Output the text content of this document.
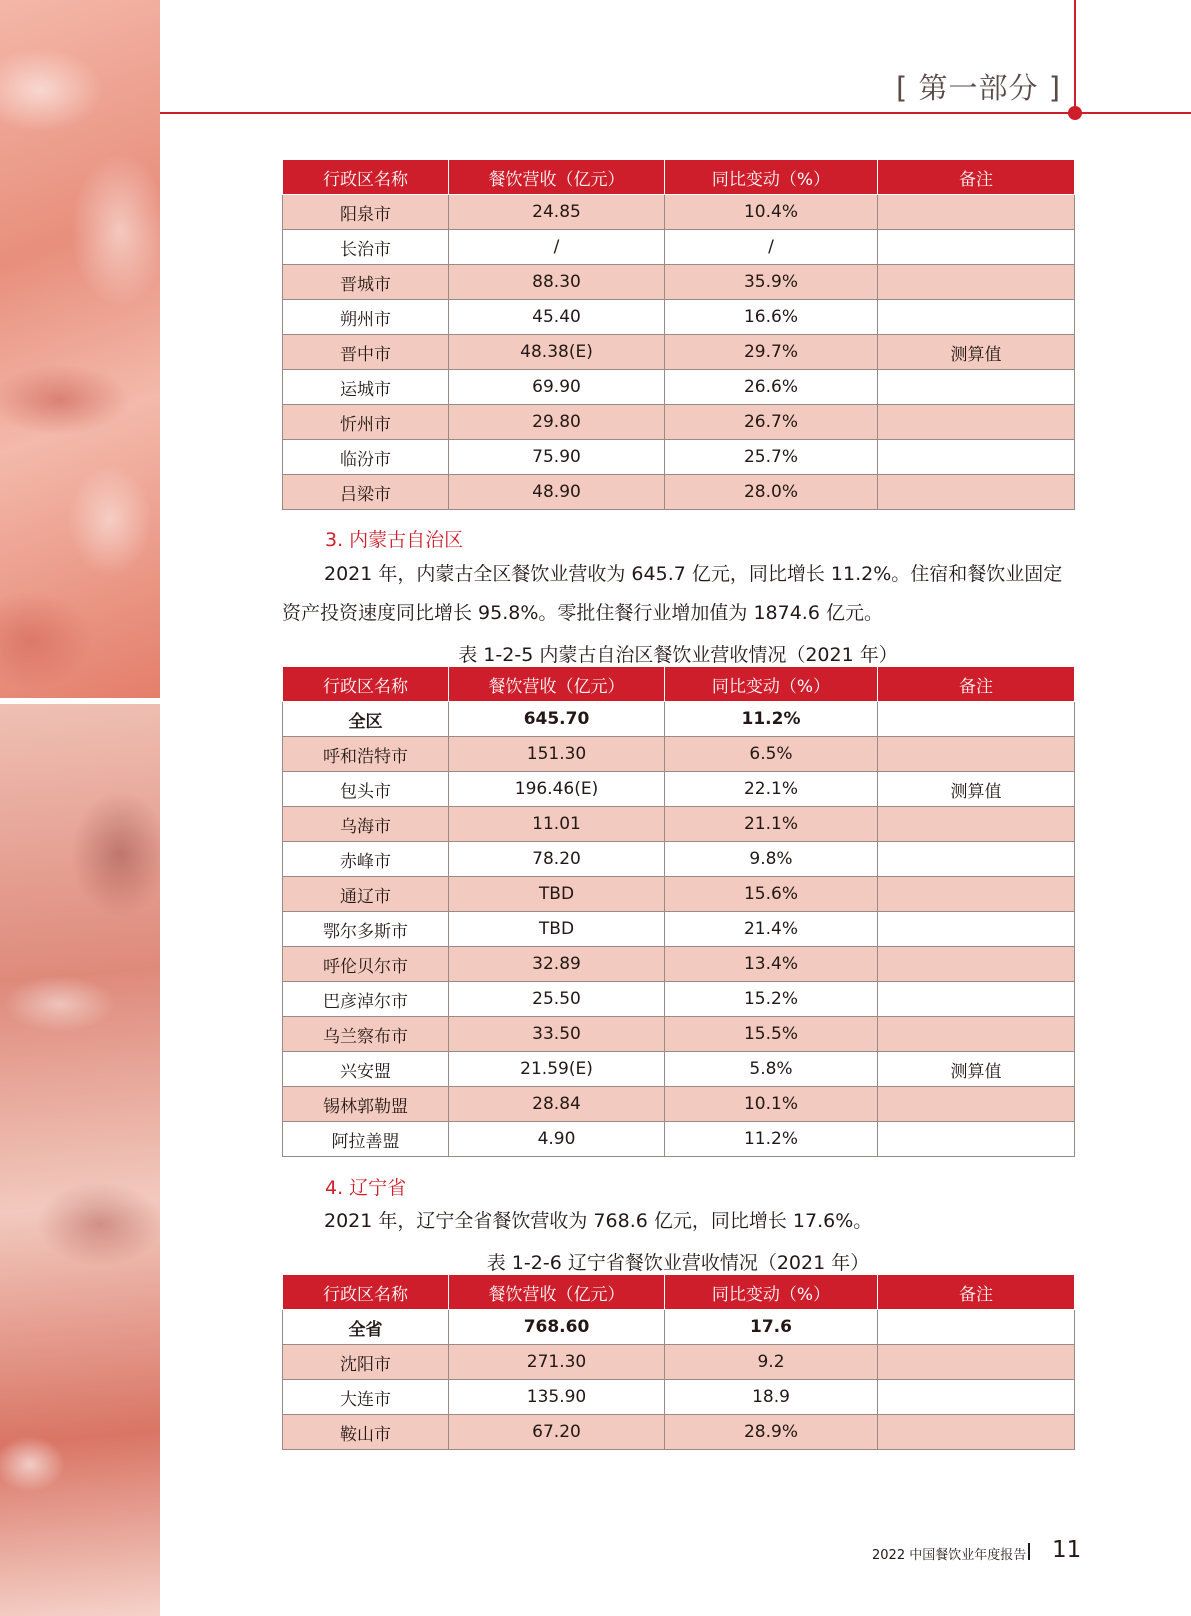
[ 第一部分 ]
行政区名称	餐饮营收（亿元）	同比变动（%）	备注
阳泉市	24.85	10.4%	
长治市	/	/	
晋城市	88.30	35.9%	
朔州市	45.40	16.6%	
晋中市	48.38(E)	29.7%	测算值
运城市	69.90	26.6%	
忻州市	29.80	26.7%	
临汾市	75.90	25.7%	
吕梁市	48.90	28.0%	
3. 内蒙古自治区
2021 年，内蒙古全区餐饮业营收为 645.7 亿元，同比增长 11.2%。住宿和餐饮业固定
资产投资速度同比增长 95.8%。零批住餐行业增加值为 1874.6 亿元。
表 1-2-5 内蒙古自治区餐饮业营收情况（2021 年）
行政区名称	餐饮营收（亿元）	同比变动（%）	备注
全区	645.70	11.2%	
呼和浩特市	151.30	6.5%	
包头市	196.46(E)	22.1%	测算值
乌海市	11.01	21.1%	
赤峰市	78.20	9.8%	
通辽市	TBD	15.6%	
鄂尔多斯市	TBD	21.4%	
呼伦贝尔市	32.89	13.4%	
巴彦淖尔市	25.50	15.2%	
乌兰察布市	33.50	15.5%	
兴安盟	21.59(E)	5.8%	测算值
锡林郭勒盟	28.84	10.1%	
阿拉善盟	4.90	11.2%	
4. 辽宁省
2021 年，辽宁全省餐饮营收为 768.6 亿元，同比增长 17.6%。
表 1-2-6 辽宁省餐饮业营收情况（2021 年）
行政区名称	餐饮营收（亿元）	同比变动（%）	备注
全省	768.60	17.6	
沈阳市	271.30	9.2	
大连市	135.90	18.9	
鞍山市	67.20	28.9%	
2022 中国餐饮业年度报告 11
